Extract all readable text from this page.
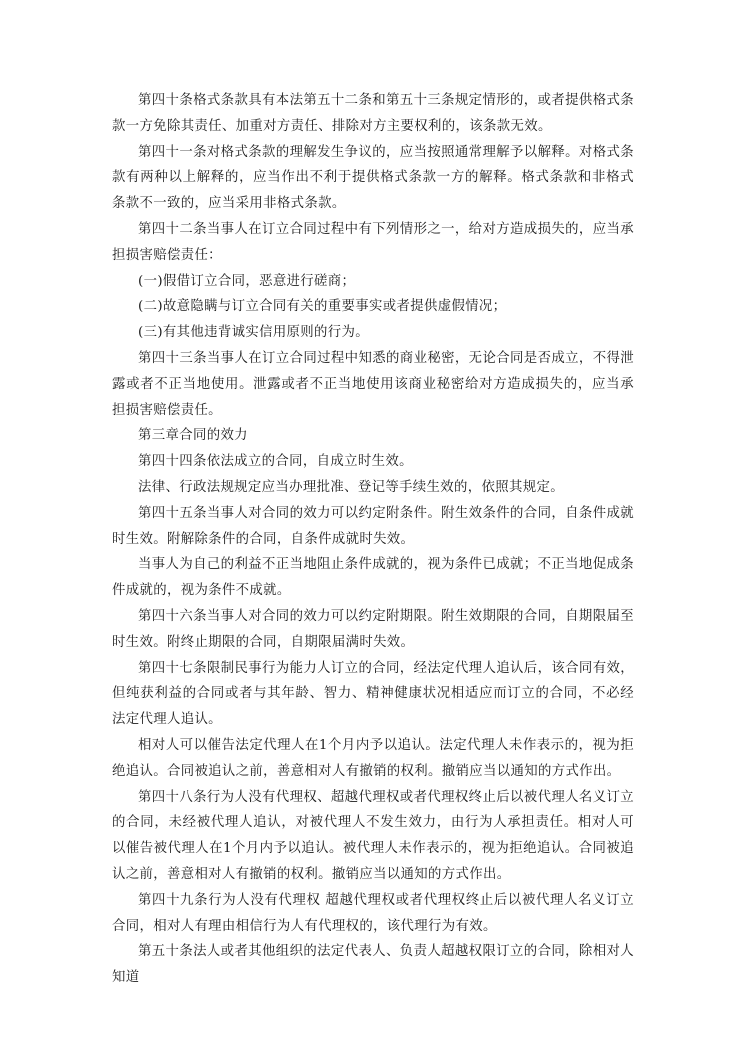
第四十条格式条款具有本法第五十二条和第五十三条规定情形的，或者提供格式条款一方免除其责任、加重对方责任、排除对方主要权利的，该条款无效。

第四十一条对格式条款的理解发生争议的，应当按照通常理解予以解释。对格式条款有两种以上解释的，应当作出不利于提供格式条款一方的解释。格式条款和非格式条款不一致的，应当采用非格式条款。

第四十二条当事人在订立合同过程中有下列情形之一，给对方造成损失的，应当承担损害赔偿责任：

(一)假借订立合同，恶意进行磋商；

(二)故意隐瞒与订立合同有关的重要事实或者提供虚假情况；

(三)有其他违背诚实信用原则的行为。

第四十三条当事人在订立合同过程中知悉的商业秘密，无论合同是否成立，不得泄露或者不正当地使用。泄露或者不正当地使用该商业秘密给对方造成损失的，应当承担损害赔偿责任。

第三章合同的效力

第四十四条依法成立的合同，自成立时生效。

法律、行政法规规定应当办理批准、登记等手续生效的，依照其规定。

第四十五条当事人对合同的效力可以约定附条件。附生效条件的合同，自条件成就时生效。附解除条件的合同，自条件成就时失效。

当事人为自己的利益不正当地阻止条件成就的，视为条件已成就；不正当地促成条件成就的，视为条件不成就。

第四十六条当事人对合同的效力可以约定附期限。附生效期限的合同，自期限届至时生效。附终止期限的合同，自期限届满时失效。

第四十七条限制民事行为能力人订立的合同，经法定代理人追认后，该合同有效，但纯获利益的合同或者与其年龄、智力、精神健康状况相适应而订立的合同，不必经法定代理人追认。

相对人可以催告法定代理人在1个月内予以追认。法定代理人未作表示的，视为拒绝追认。合同被追认之前，善意相对人有撤销的权利。撤销应当以通知的方式作出。

第四十八条行为人没有代理权、超越代理权或者代理权终止后以被代理人名义订立的合同，未经被代理人追认，对被代理人不发生效力，由行为人承担责任。相对人可以催告被代理人在1个月内予以追认。被代理人未作表示的，视为拒绝追认。合同被追认之前，善意相对人有撤销的权利。撤销应当以通知的方式作出。

第四十九条行为人没有代理权 超越代理权或者代理权终止后以被代理人名义订立合同，相对人有理由相信行为人有代理权的，该代理行为有效。

第五十条法人或者其他组织的法定代表人、负责人超越权限订立的合同，除相对人知道
